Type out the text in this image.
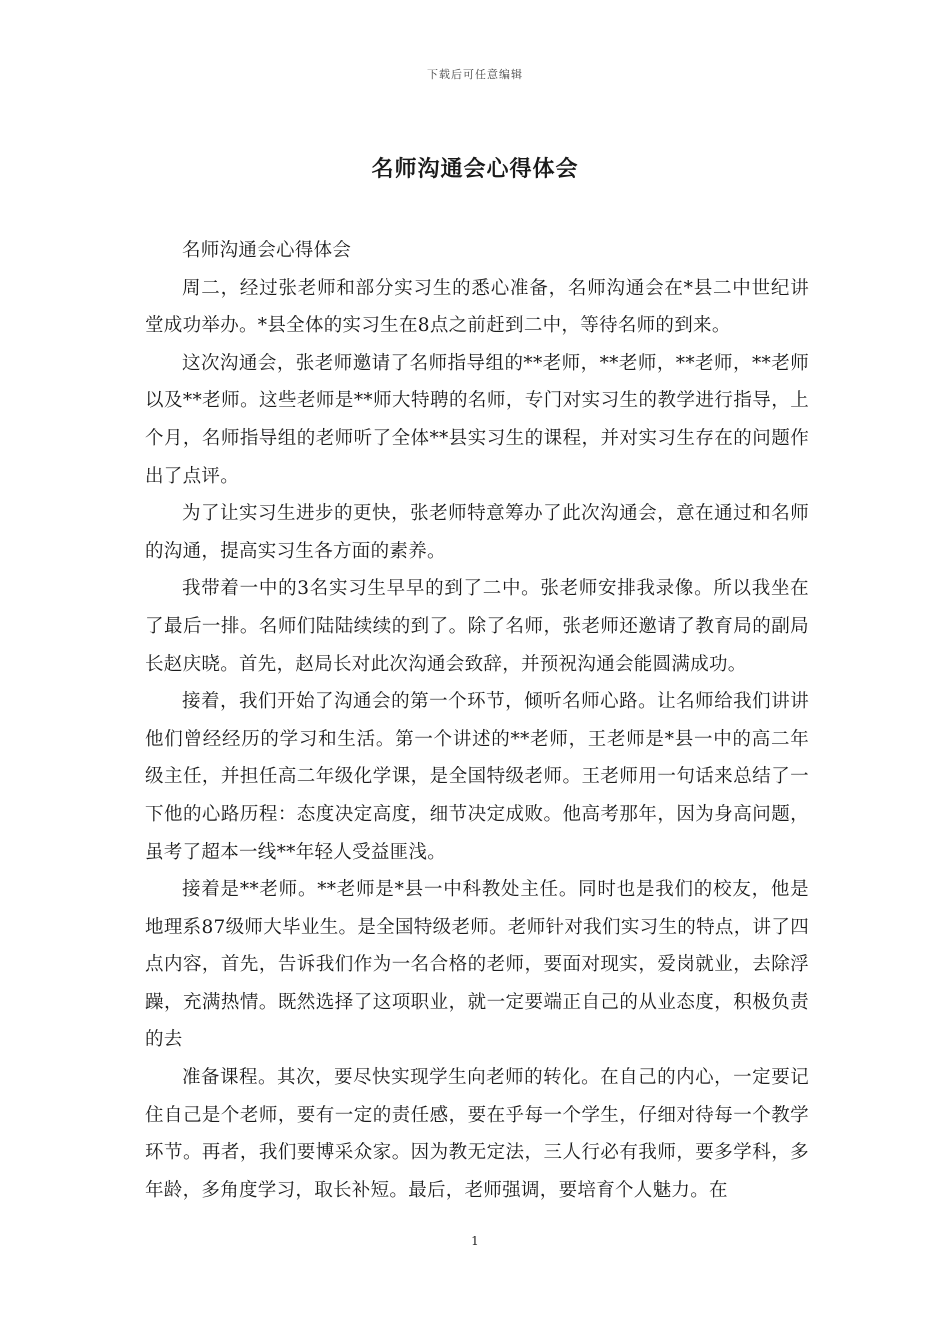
下载后可任意编辑
名师沟通会心得体会

名师沟通会心得体会

周二，经过张老师和部分实习生的悉心准备，名师沟通会在*县二中世纪讲堂成功举办。*县全体的实习生在8点之前赶到二中，等待名师的到来。

这次沟通会，张老师邀请了名师指导组的**老师，**老师，**老师，**老师以及**老师。这些老师是**师大特聘的名师，专门对实习生的教学进行指导，上个月，名师指导组的老师听了全体**县实习生的课程，并对实习生存在的问题作出了点评。

为了让实习生进步的更快，张老师特意筹办了此次沟通会，意在通过和名师的沟通，提高实习生各方面的素养。

我带着一中的3名实习生早早的到了二中。张老师安排我录像。所以我坐在了最后一排。名师们陆陆续续的到了。除了名师，张老师还邀请了教育局的副局长赵庆晓。首先，赵局长对此次沟通会致辞，并预祝沟通会能圆满成功。

接着，我们开始了沟通会的第一个环节，倾听名师心路。让名师给我们讲讲他们曾经经历的学习和生活。第一个讲述的**老师，王老师是*县一中的高二年级主任，并担任高二年级化学课，是全国特级老师。王老师用一句话来总结了一下他的心路历程：态度决定高度，细节决定成败。他高考那年，因为身高问题，虽考了超本一线**年轻人受益匪浅。

接着是**老师。**老师是*县一中科教处主任。同时也是我们的校友，他是地理系87级师大毕业生。是全国特级老师。老师针对我们实习生的特点，讲了四点内容，首先，告诉我们作为一名合格的老师，要面对现实，爱岗就业，去除浮躁，充满热情。既然选择了这项职业，就一定要端正自己的从业态度，积极负责的去

准备课程。其次，要尽快实现学生向老师的转化。在自己的内心，一定要记住自己是个老师，要有一定的责任感，要在乎每一个学生，仔细对待每一个教学环节。再者，我们要博采众家。因为教无定法，三人行必有我师，要多学科，多年龄，多角度学习，取长补短。最后，老师强调，要培育个人魅力。在

1
